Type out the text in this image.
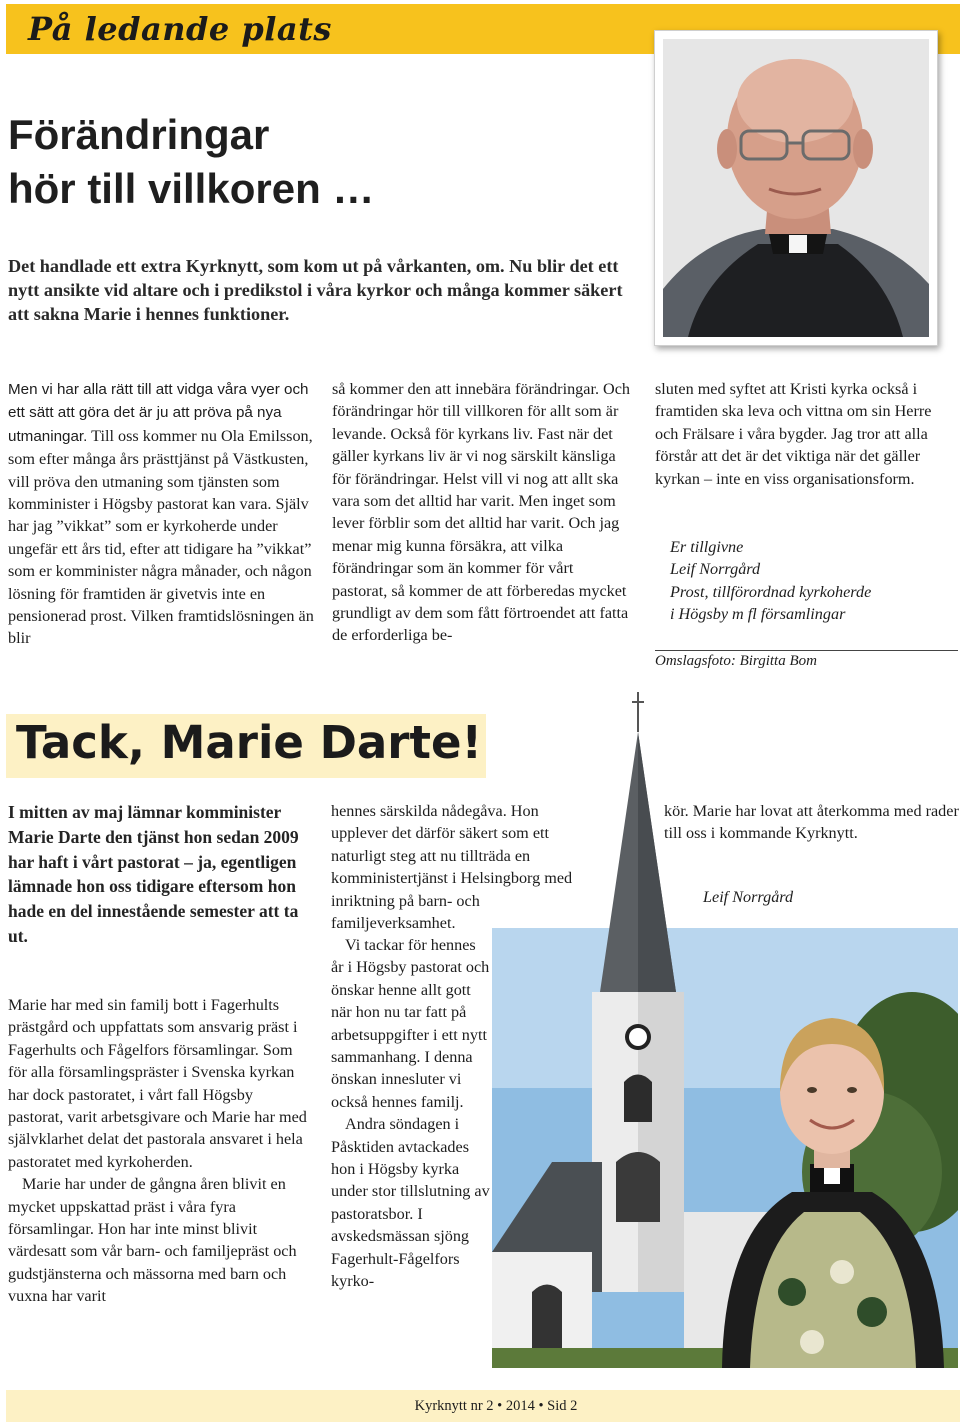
På ledande plats
Förändringar
hör till villkoren …

Det handlade ett extra Kyrknytt, som kom ut på vårkanten, om. Nu blir det ett nytt ansikte vid altare och i predikstol i våra kyrkor och många kommer säkert att sakna Marie i hennes funktioner.

Men vi har alla rätt till att vidga våra vyer och ett sätt att göra det är ju att pröva på nya utmaningar. Till oss kommer nu Ola Emilsson, som efter många års prästtjänst på Västkusten, vill pröva den utmaning som tjänsten som komminister i Högsby pastorat kan vara. Själv har jag ”vikkat” som er kyrkoherde under ungefär ett års tid, efter att tidigare ha ”vikkat” som er komminister några månader, och någon lösning för framtiden är givetvis inte en pensionerad prost. Vilken framtidslösningen än blir
så kommer den att innebära förändringar. Och förändringar hör till villkoren för allt som är levande. Också för kyrkans liv. Fast när det gäller kyrkans liv är vi nog särskilt känsliga för förändringar. Helst vill vi nog att allt ska vara som det alltid har varit. Men inget som lever förblir som det alltid har varit. Och jag menar mig kunna försäkra, att vilka förändringar som än kommer för vårt pastorat, så kommer de att förberedas mycket grundligt av dem som fått förtroendet att fatta de erforderliga be-
sluten med syftet att Kristi kyrka också i framtiden ska leva och vittna om sin Herre och Frälsare i våra bygder. Jag tror att alla förstår att det är det viktiga när det gäller kyrkan – inte en viss organisationsform.
Er tillgivne
Leif Norrgård
Prost, tillförordnad kyrkoherde
i Högsby m fl församlingar
Omslagsfoto: Birgitta Bom
Tack, Marie Darte!

I mitten av maj lämnar komminister Marie Darte den tjänst hon sedan 2009 har haft i vårt pastorat – ja, egentligen lämnade hon oss tidigare eftersom hon hade en del innestående semester att ta ut.

Marie har med sin familj bott i Fagerhults prästgård och uppfattats som ansvarig präst i Fagerhults och Fågelfors församlingar. Som för alla församlingspräster i Svenska kyrkan har dock pastoratet, i vårt fall Högsby pastorat, varit arbetsgivare och Marie har med självklarhet delat det pastorala ansvaret i hela pastoratet med kyrkoherden.

Marie har under de gångna åren blivit en mycket uppskattad präst i våra fyra församlingar. Hon har inte minst blivit värdesatt som vår barn- och familjepräst och gudstjänsterna och mässorna med barn och vuxna har varit

hennes särskilda nådegåva. Hon upplever det därför säkert som ett naturligt steg att nu tillträda en komministertjänst i Helsingborg med inriktning på barn- och familjeverksamhet.

Vi tackar för hennes år i Högsby pastorat och önskar henne allt gott när hon nu tar fatt på arbetsuppgifter i ett nytt sammanhang. I denna önskan innesluter vi också hennes familj.

Andra söndagen i Påsktiden avtackades hon i Högsby kyrka under stor tillslutning av pastoratsbor. I avskedsmässan sjöng Fagerhult-Fågelfors kyrko-

kör. Marie har lovat att återkomma med rader till oss i kommande Kyrknytt.

Leif Norrgård
Kyrknytt nr 2 • 2014 • Sid 2
